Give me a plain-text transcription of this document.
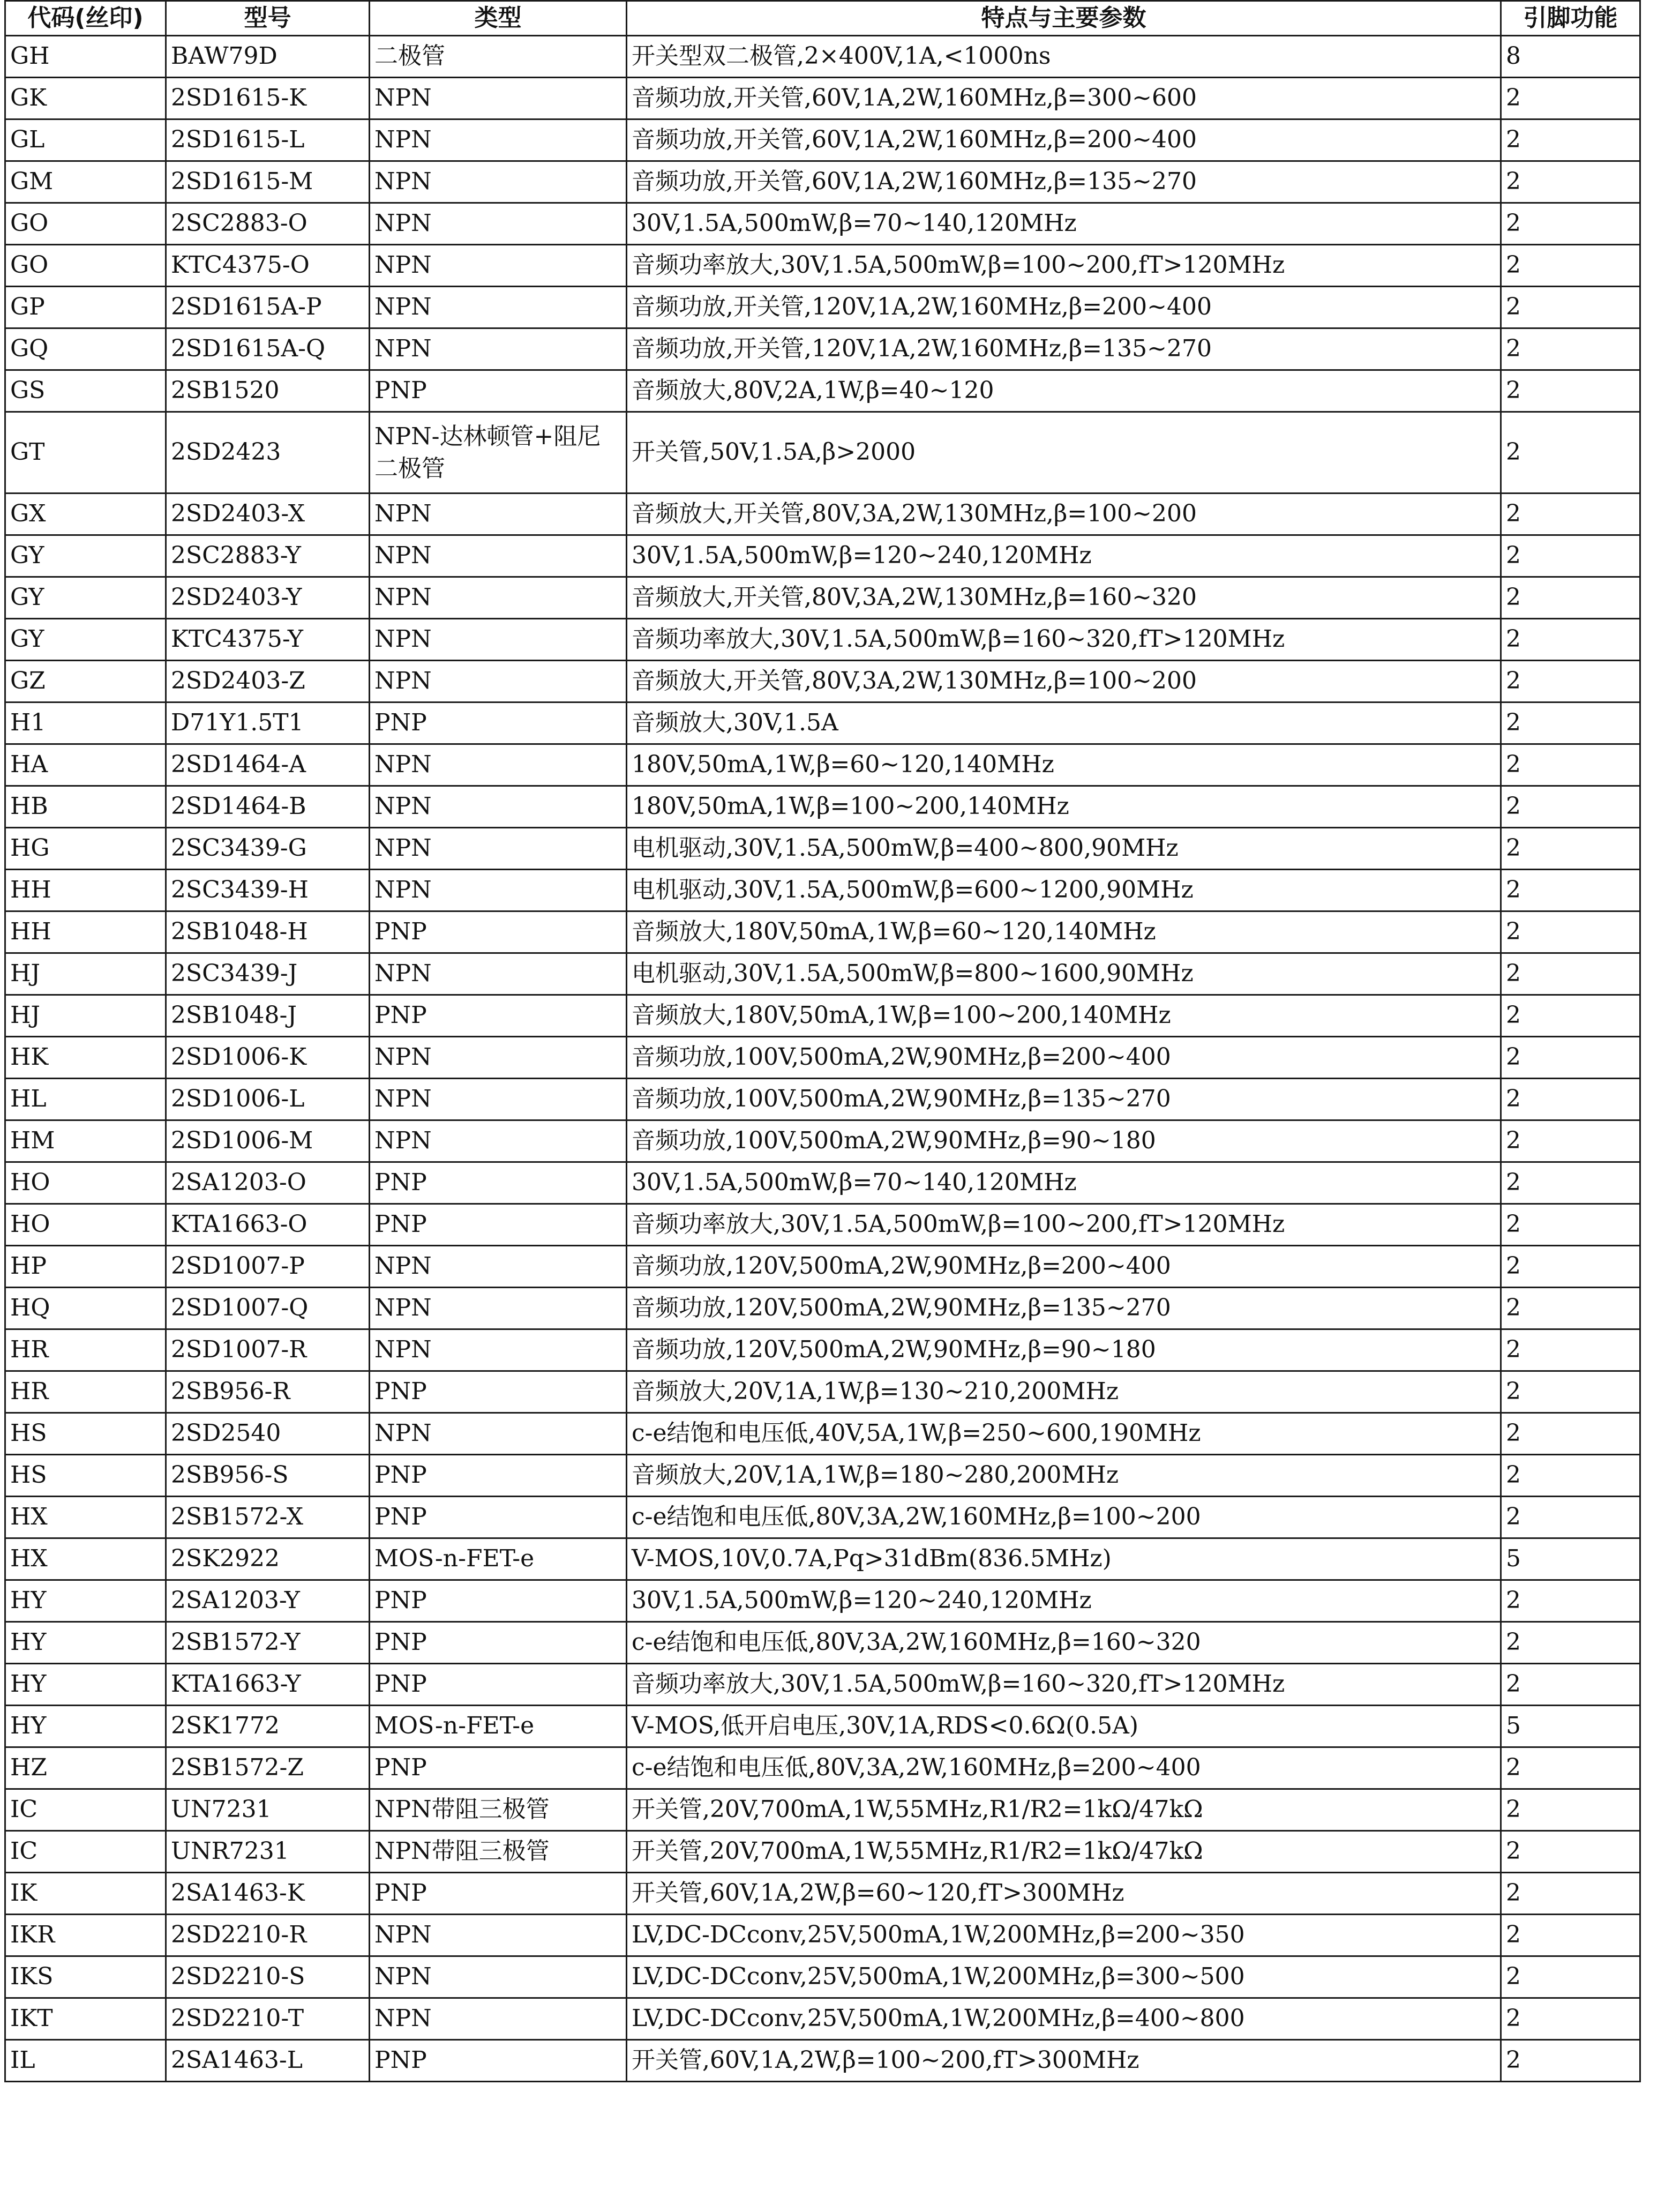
代码(丝印)	型号	类型	特点与主要参数	引脚功能
GH	BAW79D	二极管	开关型双二极管,2×400V,1A,<1000ns	8
GK	2SD1615-K	NPN	音频功放,开关管,60V,1A,2W,160MHz,β=300~600	2
GL	2SD1615-L	NPN	音频功放,开关管,60V,1A,2W,160MHz,β=200~400	2
GM	2SD1615-M	NPN	音频功放,开关管,60V,1A,2W,160MHz,β=135~270	2
GO	2SC2883-O	NPN	30V,1.5A,500mW,β=70~140,120MHz	2
GO	KTC4375-O	NPN	音频功率放大,30V,1.5A,500mW,β=100~200,fT>120MHz	2
GP	2SD1615A-P	NPN	音频功放,开关管,120V,1A,2W,160MHz,β=200~400	2
GQ	2SD1615A-Q	NPN	音频功放,开关管,120V,1A,2W,160MHz,β=135~270	2
GS	2SB1520	PNP	音频放大,80V,2A,1W,β=40~120	2
GT	2SD2423	NPN-达林顿管+阻尼二极管	开关管,50V,1.5A,β>2000	2
GX	2SD2403-X	NPN	音频放大,开关管,80V,3A,2W,130MHz,β=100~200	2
GY	2SC2883-Y	NPN	30V,1.5A,500mW,β=120~240,120MHz	2
GY	2SD2403-Y	NPN	音频放大,开关管,80V,3A,2W,130MHz,β=160~320	2
GY	KTC4375-Y	NPN	音频功率放大,30V,1.5A,500mW,β=160~320,fT>120MHz	2
GZ	2SD2403-Z	NPN	音频放大,开关管,80V,3A,2W,130MHz,β=100~200	2
H1	D71Y1.5T1	PNP	音频放大,30V,1.5A	2
HA	2SD1464-A	NPN	180V,50mA,1W,β=60~120,140MHz	2
HB	2SD1464-B	NPN	180V,50mA,1W,β=100~200,140MHz	2
HG	2SC3439-G	NPN	电机驱动,30V,1.5A,500mW,β=400~800,90MHz	2
HH	2SC3439-H	NPN	电机驱动,30V,1.5A,500mW,β=600~1200,90MHz	2
HH	2SB1048-H	PNP	音频放大,180V,50mA,1W,β=60~120,140MHz	2
HJ	2SC3439-J	NPN	电机驱动,30V,1.5A,500mW,β=800~1600,90MHz	2
HJ	2SB1048-J	PNP	音频放大,180V,50mA,1W,β=100~200,140MHz	2
HK	2SD1006-K	NPN	音频功放,100V,500mA,2W,90MHz,β=200~400	2
HL	2SD1006-L	NPN	音频功放,100V,500mA,2W,90MHz,β=135~270	2
HM	2SD1006-M	NPN	音频功放,100V,500mA,2W,90MHz,β=90~180	2
HO	2SA1203-O	PNP	30V,1.5A,500mW,β=70~140,120MHz	2
HO	KTA1663-O	PNP	音频功率放大,30V,1.5A,500mW,β=100~200,fT>120MHz	2
HP	2SD1007-P	NPN	音频功放,120V,500mA,2W,90MHz,β=200~400	2
HQ	2SD1007-Q	NPN	音频功放,120V,500mA,2W,90MHz,β=135~270	2
HR	2SD1007-R	NPN	音频功放,120V,500mA,2W,90MHz,β=90~180	2
HR	2SB956-R	PNP	音频放大,20V,1A,1W,β=130~210,200MHz	2
HS	2SD2540	NPN	c-e结饱和电压低,40V,5A,1W,β=250~600,190MHz	2
HS	2SB956-S	PNP	音频放大,20V,1A,1W,β=180~280,200MHz	2
HX	2SB1572-X	PNP	c-e结饱和电压低,80V,3A,2W,160MHz,β=100~200	2
HX	2SK2922	MOS-n-FET-e	V-MOS,10V,0.7A,Pq>31dBm(836.5MHz)	5
HY	2SA1203-Y	PNP	30V,1.5A,500mW,β=120~240,120MHz	2
HY	2SB1572-Y	PNP	c-e结饱和电压低,80V,3A,2W,160MHz,β=160~320	2
HY	KTA1663-Y	PNP	音频功率放大,30V,1.5A,500mW,β=160~320,fT>120MHz	2
HY	2SK1772	MOS-n-FET-e	V-MOS,低开启电压,30V,1A,RDS<0.6Ω(0.5A)	5
HZ	2SB1572-Z	PNP	c-e结饱和电压低,80V,3A,2W,160MHz,β=200~400	2
IC	UN7231	NPN带阻三极管	开关管,20V,700mA,1W,55MHz,R1/R2=1kΩ/47kΩ	2
IC	UNR7231	NPN带阻三极管	开关管,20V,700mA,1W,55MHz,R1/R2=1kΩ/47kΩ	2
IK	2SA1463-K	PNP	开关管,60V,1A,2W,β=60~120,fT>300MHz	2
IKR	2SD2210-R	NPN	LV,DC-DCconv,25V,500mA,1W,200MHz,β=200~350	2
IKS	2SD2210-S	NPN	LV,DC-DCconv,25V,500mA,1W,200MHz,β=300~500	2
IKT	2SD2210-T	NPN	LV,DC-DCconv,25V,500mA,1W,200MHz,β=400~800	2
IL	2SA1463-L	PNP	开关管,60V,1A,2W,β=100~200,fT>300MHz	2
